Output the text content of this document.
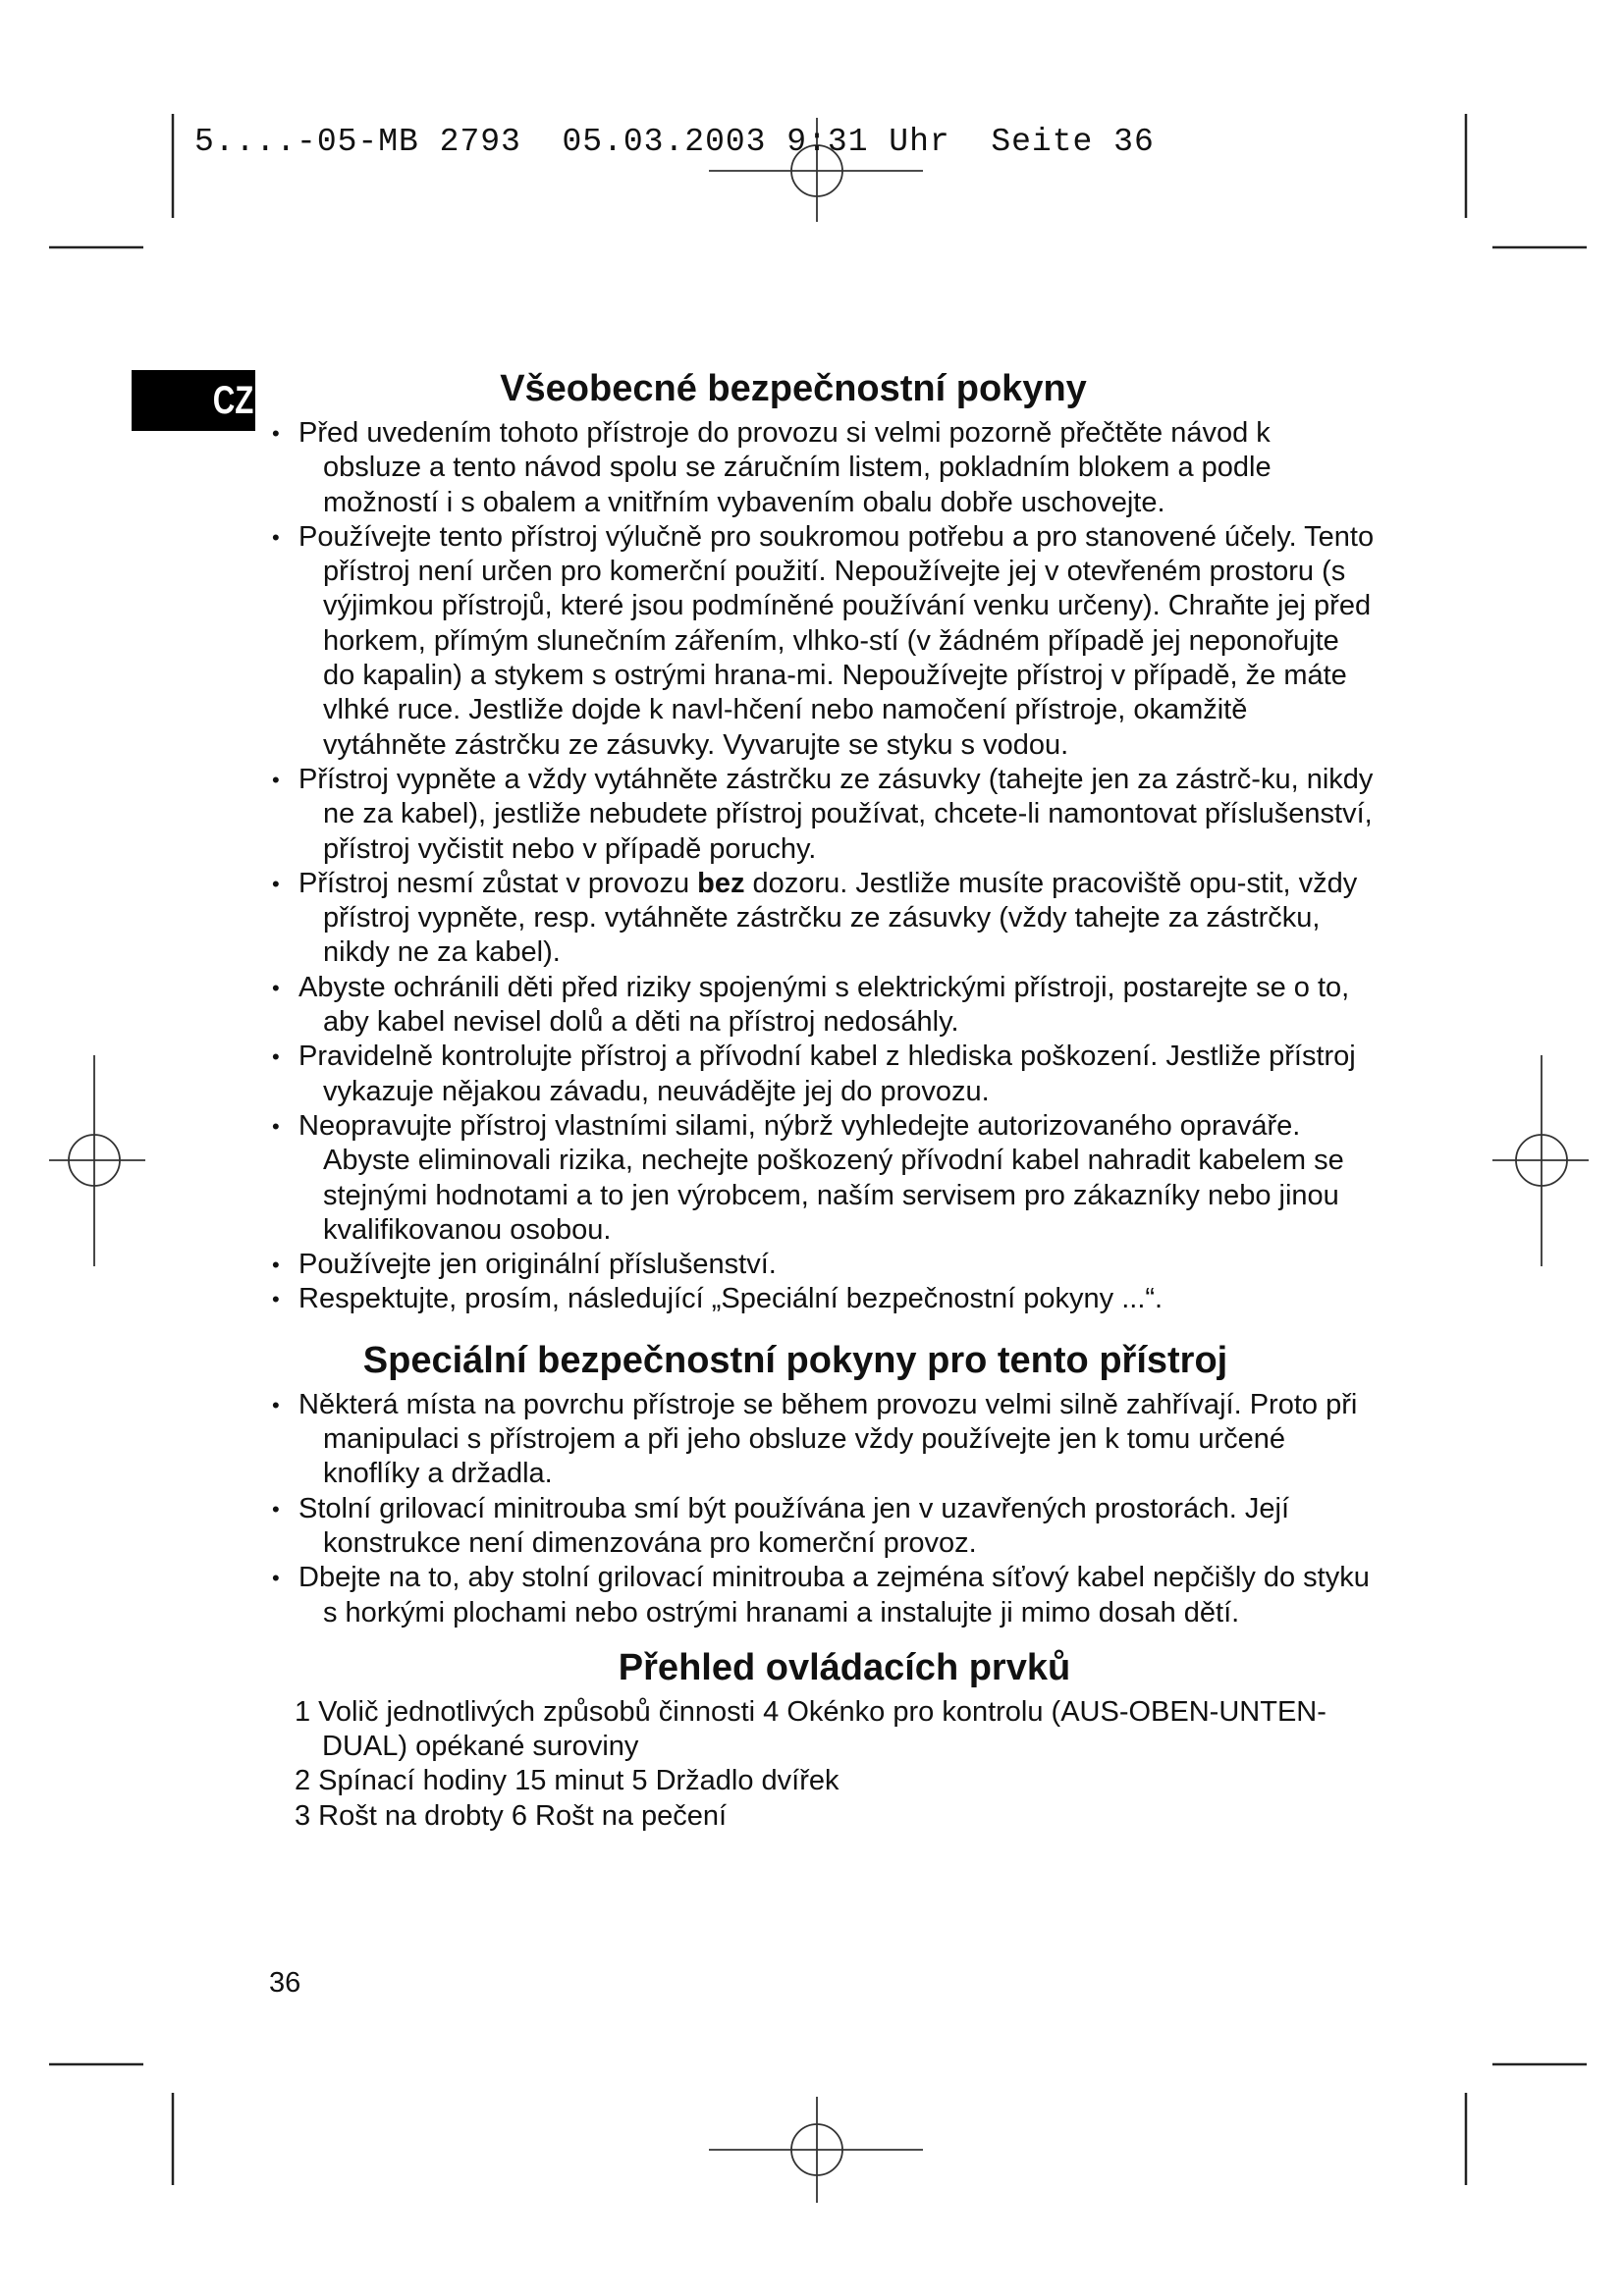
5....-05-MB 2793  05.03.2003 9:31 Uhr  Seite 36
CZ	Všeobecné bezpečnostní pokyny
• Před uvedením tohoto přístroje do provozu si velmi pozorně přečtěte návod k obsluze a tento návod spolu se záručním listem, pokladním blokem a podle možností i s obalem a vnitřním vybavením obalu dobře uschovejte.
• Používejte tento přístroj výlučně pro soukromou potřebu a pro stanovené účely. Tento přístroj není určen pro komerční použití. Nepoužívejte jej v otevřeném prostoru (s výjimkou přístrojů, které jsou podmíněné používání venku určeny). Chraňte jej před horkem, přímým slunečním zářením, vlhko-stí (v žádném případě jej neponořujte do kapalin) a stykem s ostrými hrana-mi. Nepoužívejte přístroj v případě, že máte vlhké ruce. Jestliže dojde k navl-hčení nebo namočení přístroje, okamžitě vytáhněte zástrčku ze zásuvky. Vyvarujte se styku s vodou.
• Přístroj vypněte a vždy vytáhněte zástrčku ze zásuvky (tahejte jen za zástrč-ku, nikdy ne za kabel), jestliže nebudete přístroj používat, chcete-li namontovat příslušenství, přístroj vyčistit nebo v případě poruchy.
• Přístroj nesmí zůstat v provozu bez dozoru. Jestliže musíte pracoviště opu-stit, vždy přístroj vypněte, resp. vytáhněte zástrčku ze zásuvky (vždy tahejte za zástrčku, nikdy ne za kabel).
• Abyste ochránili děti před riziky spojenými s elektrickými přístroji, postarejte se o to, aby kabel nevisel dolů a děti na přístroj nedosáhly.
• Pravidelně kontrolujte přístroj a přívodní kabel z hlediska poškození. Jestliže přístroj vykazuje nějakou závadu, neuvádějte jej do provozu.
• Neopravujte přístroj vlastními silami, nýbrž vyhledejte autorizovaného opraváře. Abyste eliminovali rizika, nechejte poškozený přívodní kabel nahradit kabelem se stejnými hodnotami a to jen výrobcem, naším servisem pro zákazníky nebo jinou kvalifikovanou osobou.
• Používejte jen originální příslušenství.
• Respektujte, prosím, následující „Speciální bezpečnostní pokyny ...“.
Speciální bezpečnostní pokyny pro tento přístroj
• Některá místa na povrchu přístroje se během provozu velmi silně zahřívají. Proto při manipulaci s přístrojem a při jeho obsluze vždy používejte jen k tomu určené knoflíky a držadla.
• Stolní grilovací minitrouba smí být používána jen v uzavřených prostorách. Její konstrukce není dimenzována pro komerční provoz.
• Dbejte na to, aby stolní grilovací minitrouba a zejména síťový kabel nepčišly do styku s horkými plochami nebo ostrými hranami a instalujte ji mimo dosah dětí.
Přehled ovládacích prvků
1 Volič jednotlivých způsobů činnosti 4 Okénko pro kontrolu (AUS-OBEN-UNTEN-DUAL) opékané suroviny
2 Spínací hodiny 15 minut 5 Držadlo dvířek
3 Rošt na drobty 6 Rošt na pečení
36
